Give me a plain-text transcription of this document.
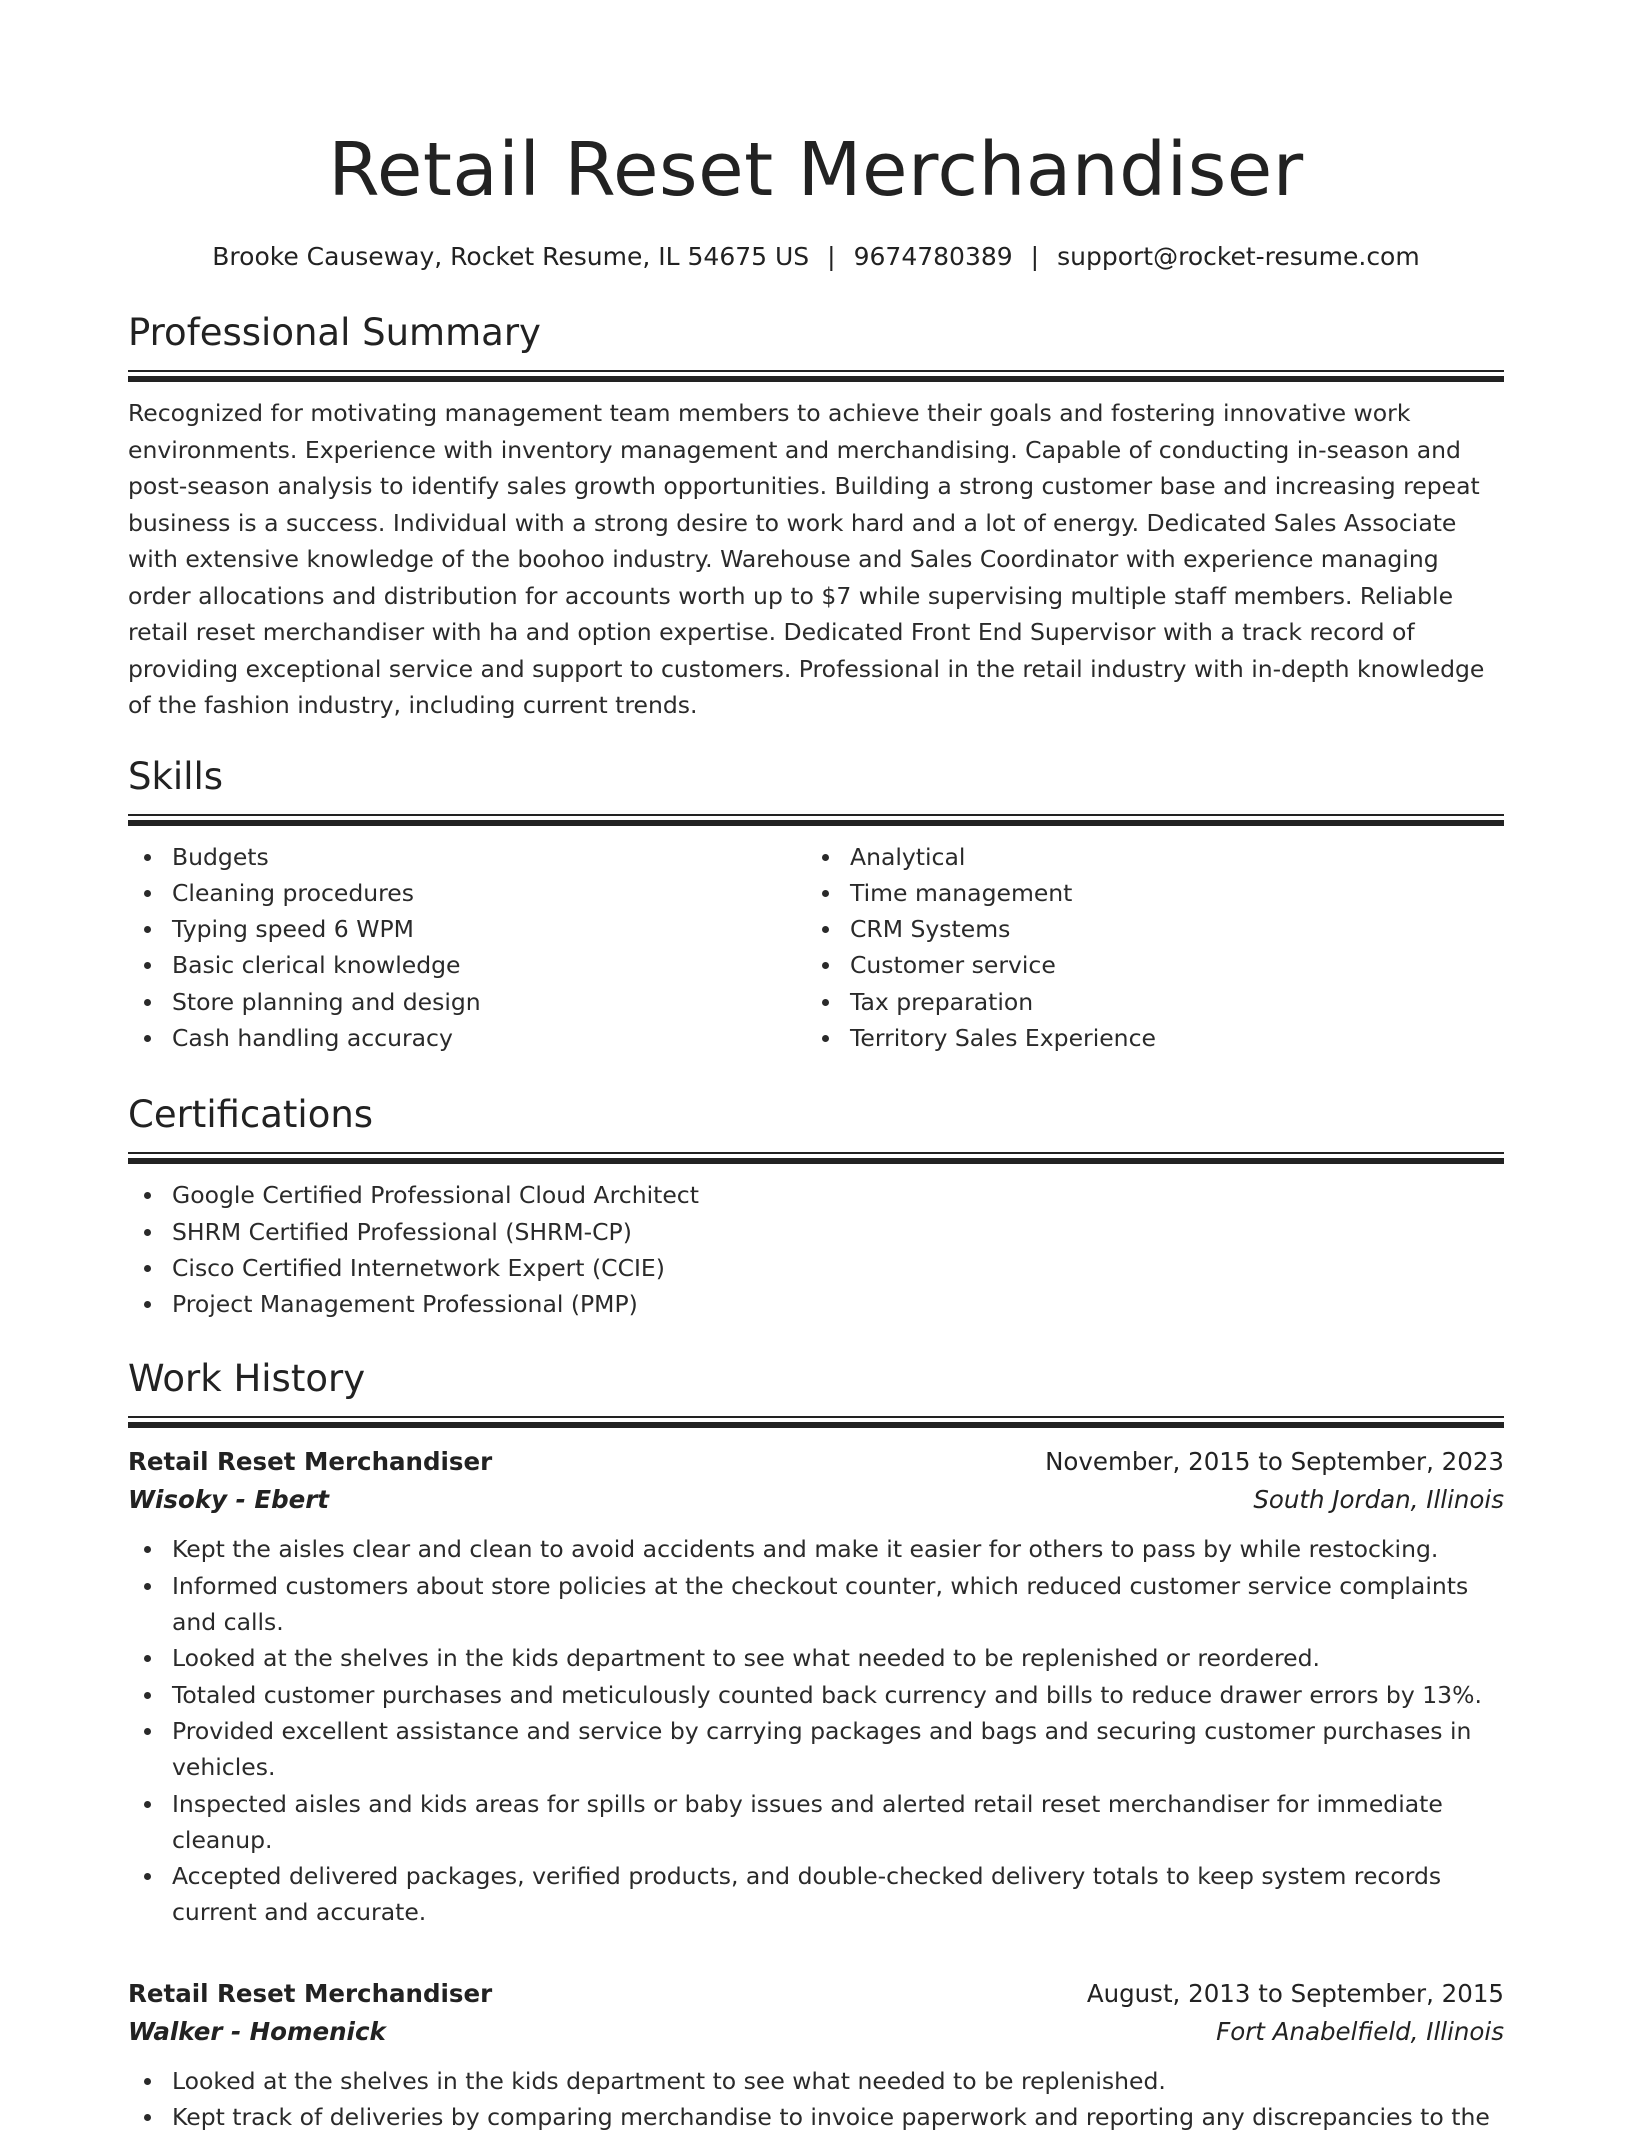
Retail Reset Merchandiser
Brooke Causeway, Rocket Resume, IL 54675 US | 9674780389 | support@rocket-resume.com
Professional Summary

Recognized for motivating management team members to achieve their goals and fostering innovative work environments. Experience with inventory management and merchandising. Capable of conducting in-season and post-season analysis to identify sales growth opportunities. Building a strong customer base and increasing repeat business is a success. Individual with a strong desire to work hard and a lot of energy. Dedicated Sales Associate with extensive knowledge of the boohoo industry. Warehouse and Sales Coordinator with experience managing order allocations and distribution for accounts worth up to $7 while supervising multiple staff members. Reliable retail reset merchandiser with ha and option expertise. Dedicated Front End Supervisor with a track record of providing exceptional service and support to customers. Professional in the retail industry with in-depth knowledge of the fashion industry, including current trends.

Skills
Budgets
Cleaning procedures
Typing speed 6 WPM
Basic clerical knowledge
Store planning and design
Cash handling accuracy
Analytical
Time management
CRM Systems
Customer service
Tax preparation
Territory Sales Experience
Certifications
Google Certified Professional Cloud Architect
SHRM Certified Professional (SHRM-CP)
Cisco Certified Internetwork Expert (CCIE)
Project Management Professional (PMP)
Work History
Retail Reset Merchandiser	November, 2015 to September, 2023
Wisoky - Ebert	South Jordan, Illinois
Kept the aisles clear and clean to avoid accidents and make it easier for others to pass by while restocking.
Informed customers about store policies at the checkout counter, which reduced customer service complaints and calls.
Looked at the shelves in the kids department to see what needed to be replenished or reordered.
Totaled customer purchases and meticulously counted back currency and bills to reduce drawer errors by 13%.
Provided excellent assistance and service by carrying packages and bags and securing customer purchases in vehicles.
Inspected aisles and kids areas for spills or baby issues and alerted retail reset merchandiser for immediate cleanup.
Accepted delivered packages, verified products, and double-checked delivery totals to keep system records current and accurate.
Retail Reset Merchandiser	August, 2013 to September, 2015
Walker - Homenick	Fort Anabelfield, Illinois
Looked at the shelves in the kids department to see what needed to be replenished.
Kept track of deliveries by comparing merchandise to invoice paperwork and reporting any discrepancies to the
